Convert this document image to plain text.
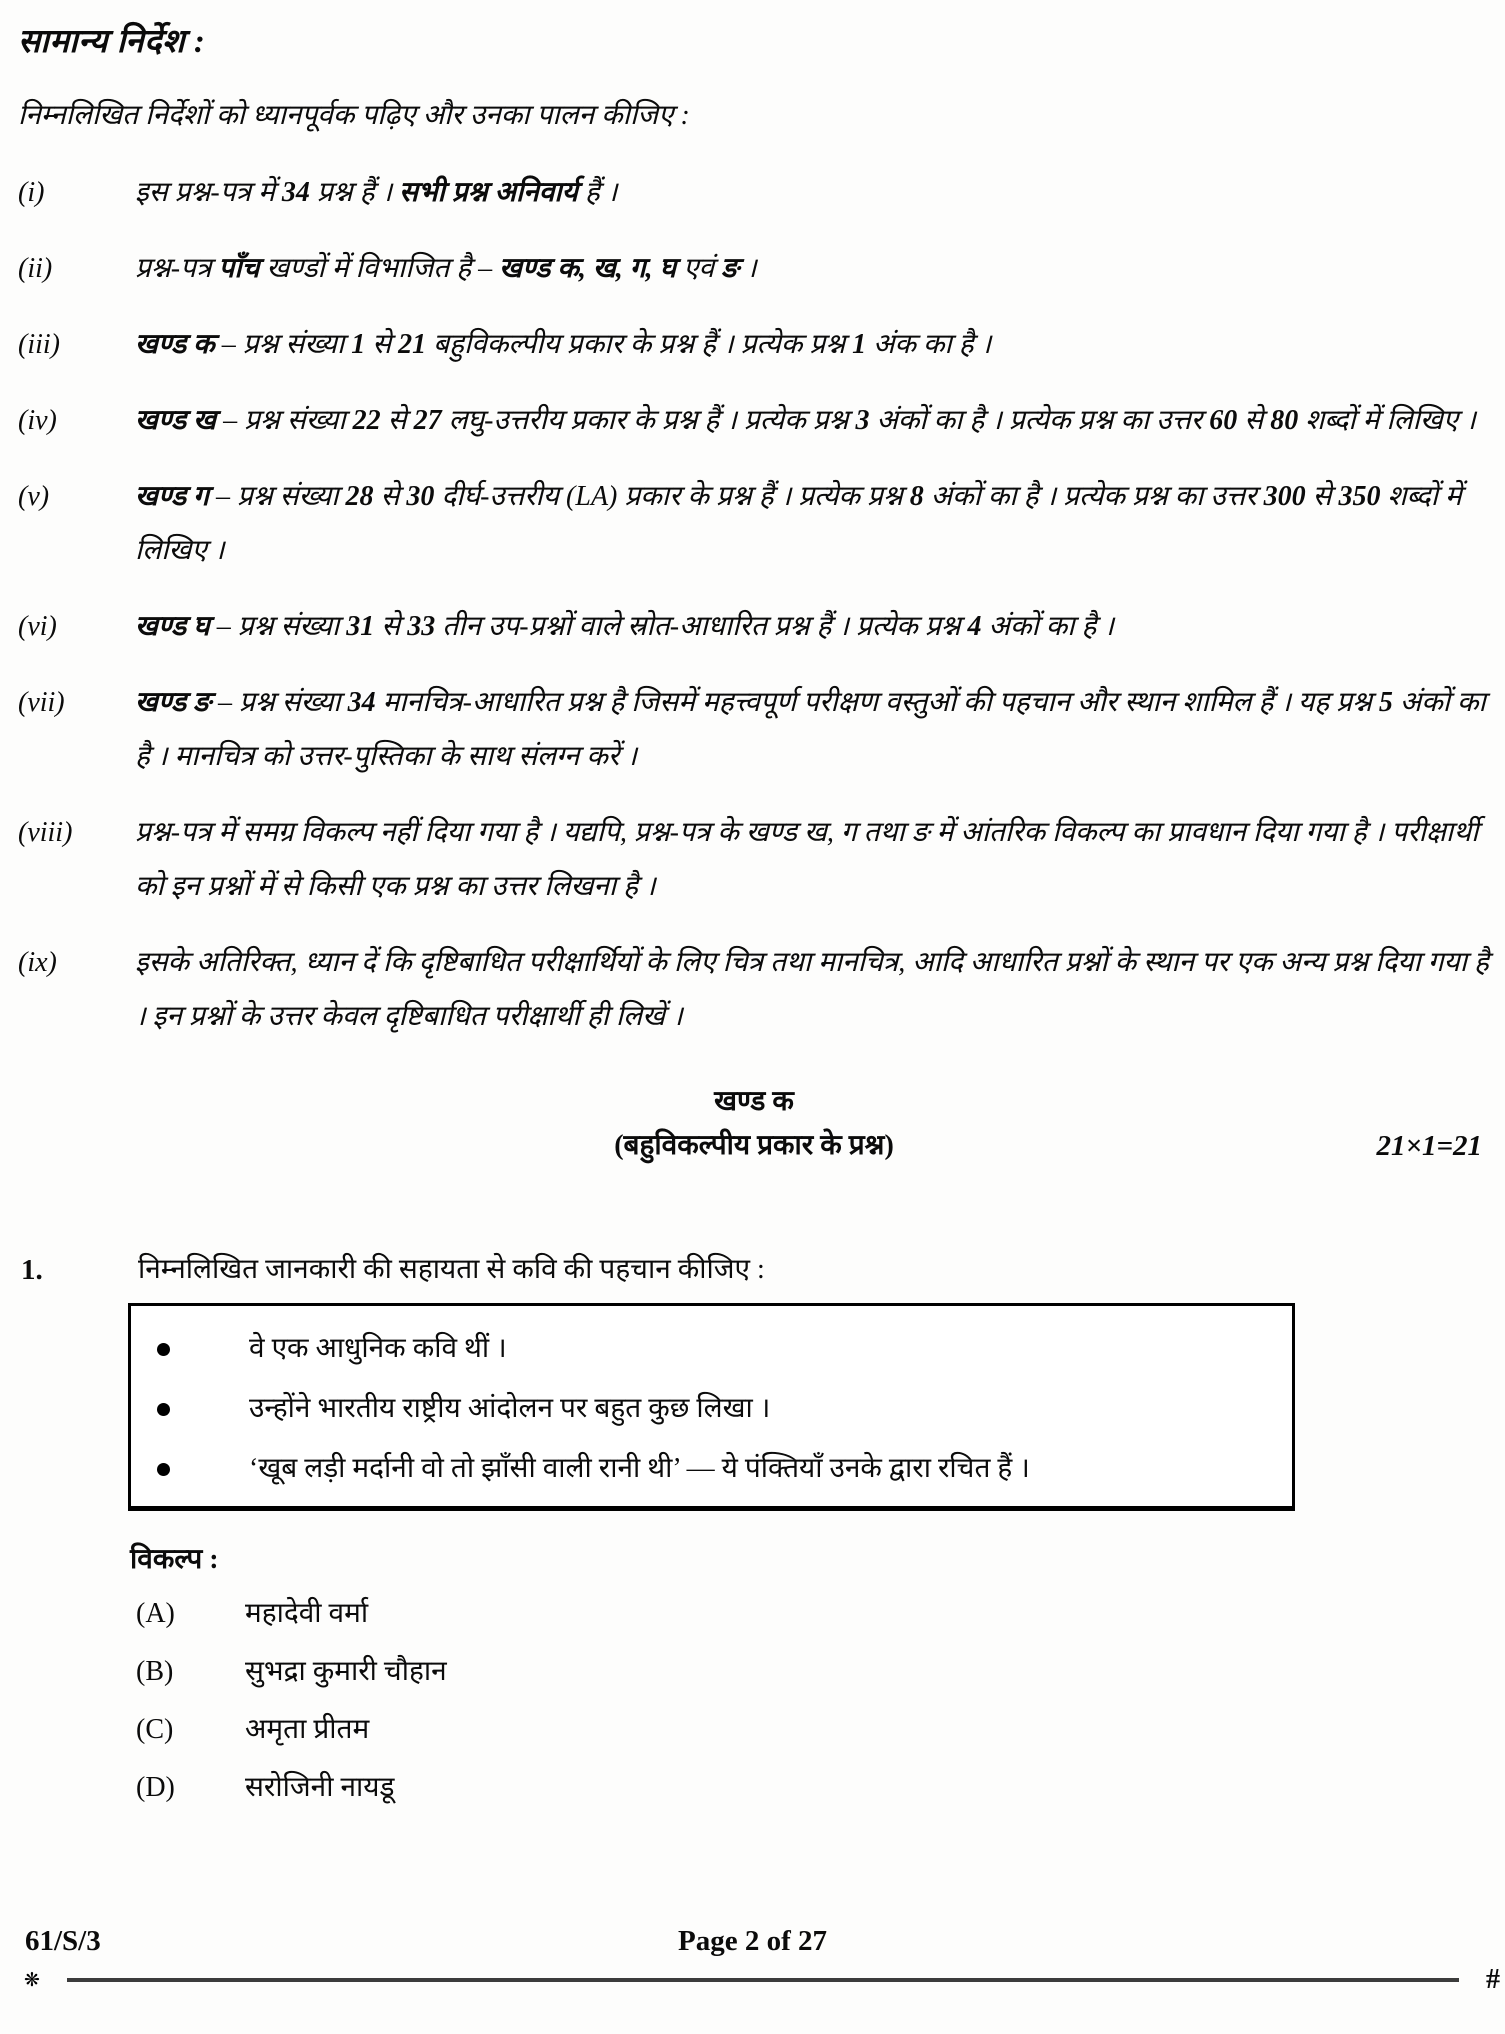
सामान्य निर्देश :
निम्नलिखित निर्देशों को ध्यानपूर्वक पढ़िए और उनका पालन कीजिए :
(i)	इस प्रश्न-पत्र में 34 प्रश्न हैं । सभी प्रश्न अनिवार्य हैं ।
(ii)	प्रश्न-पत्र पाँच खण्डों में विभाजित है – खण्ड क, ख, ग, घ एवं ङ ।
(iii)	खण्ड क – प्रश्न संख्या 1 से 21 बहुविकल्पीय प्रकार के प्रश्न हैं । प्रत्येक प्रश्न 1 अंक का है ।
(iv)	खण्ड ख – प्रश्न संख्या 22 से 27 लघु-उत्तरीय प्रकार के प्रश्न हैं । प्रत्येक प्रश्न 3 अंकों का है । प्रत्येक प्रश्न का उत्तर 60 से 80 शब्दों में लिखिए ।
(v)	खण्ड ग – प्रश्न संख्या 28 से 30 दीर्घ-उत्तरीय (LA) प्रकार के प्रश्न हैं । प्रत्येक प्रश्न 8 अंकों का है । प्रत्येक प्रश्न का उत्तर 300 से 350 शब्दों में लिखिए ।
(vi)	खण्ड घ – प्रश्न संख्या 31 से 33 तीन उप-प्रश्नों वाले स्रोत-आधारित प्रश्न हैं । प्रत्येक प्रश्न 4 अंकों का है ।
(vii)	खण्ड ङ – प्रश्न संख्या 34 मानचित्र-आधारित प्रश्न है जिसमें महत्त्वपूर्ण परीक्षण वस्तुओं की पहचान और स्थान शामिल हैं । यह प्रश्न 5 अंकों का है । मानचित्र को उत्तर-पुस्तिका के साथ संलग्न करें ।
(viii)	प्रश्न-पत्र में समग्र विकल्प नहीं दिया गया है । यद्यपि, प्रश्न-पत्र के खण्ड ख, ग तथा ङ में आंतरिक विकल्प का प्रावधान दिया गया है । परीक्षार्थी को इन प्रश्नों में से किसी एक प्रश्न का उत्तर लिखना है ।
(ix)	इसके अतिरिक्त, ध्यान दें कि दृष्टिबाधित परीक्षार्थियों के लिए चित्र तथा मानचित्र, आदि आधारित प्रश्नों के स्थान पर एक अन्य प्रश्न दिया गया है । इन प्रश्नों के उत्तर केवल दृष्टिबाधित परीक्षार्थी ही लिखें ।
खण्ड क
(बहुविकल्पीय प्रकार के प्रश्न)	21×1=21
1.	निम्नलिखित जानकारी की सहायता से कवि की पहचान कीजिए :
वे एक आधुनिक कवि थीं ।
उन्होंने भारतीय राष्ट्रीय आंदोलन पर बहुत कुछ लिखा ।
‘खूब लड़ी मर्दानी वो तो झाँसी वाली रानी थी’ — ये पंक्तियाँ उनके द्वारा रचित हैं ।
विकल्प :
(A)	महादेवी वर्मा
(B)	सुभद्रा कुमारी चौहान
(C)	अमृता प्रीतम
(D)	सरोजिनी नायडू
61/S/3	Page 2 of 27
❋	#
